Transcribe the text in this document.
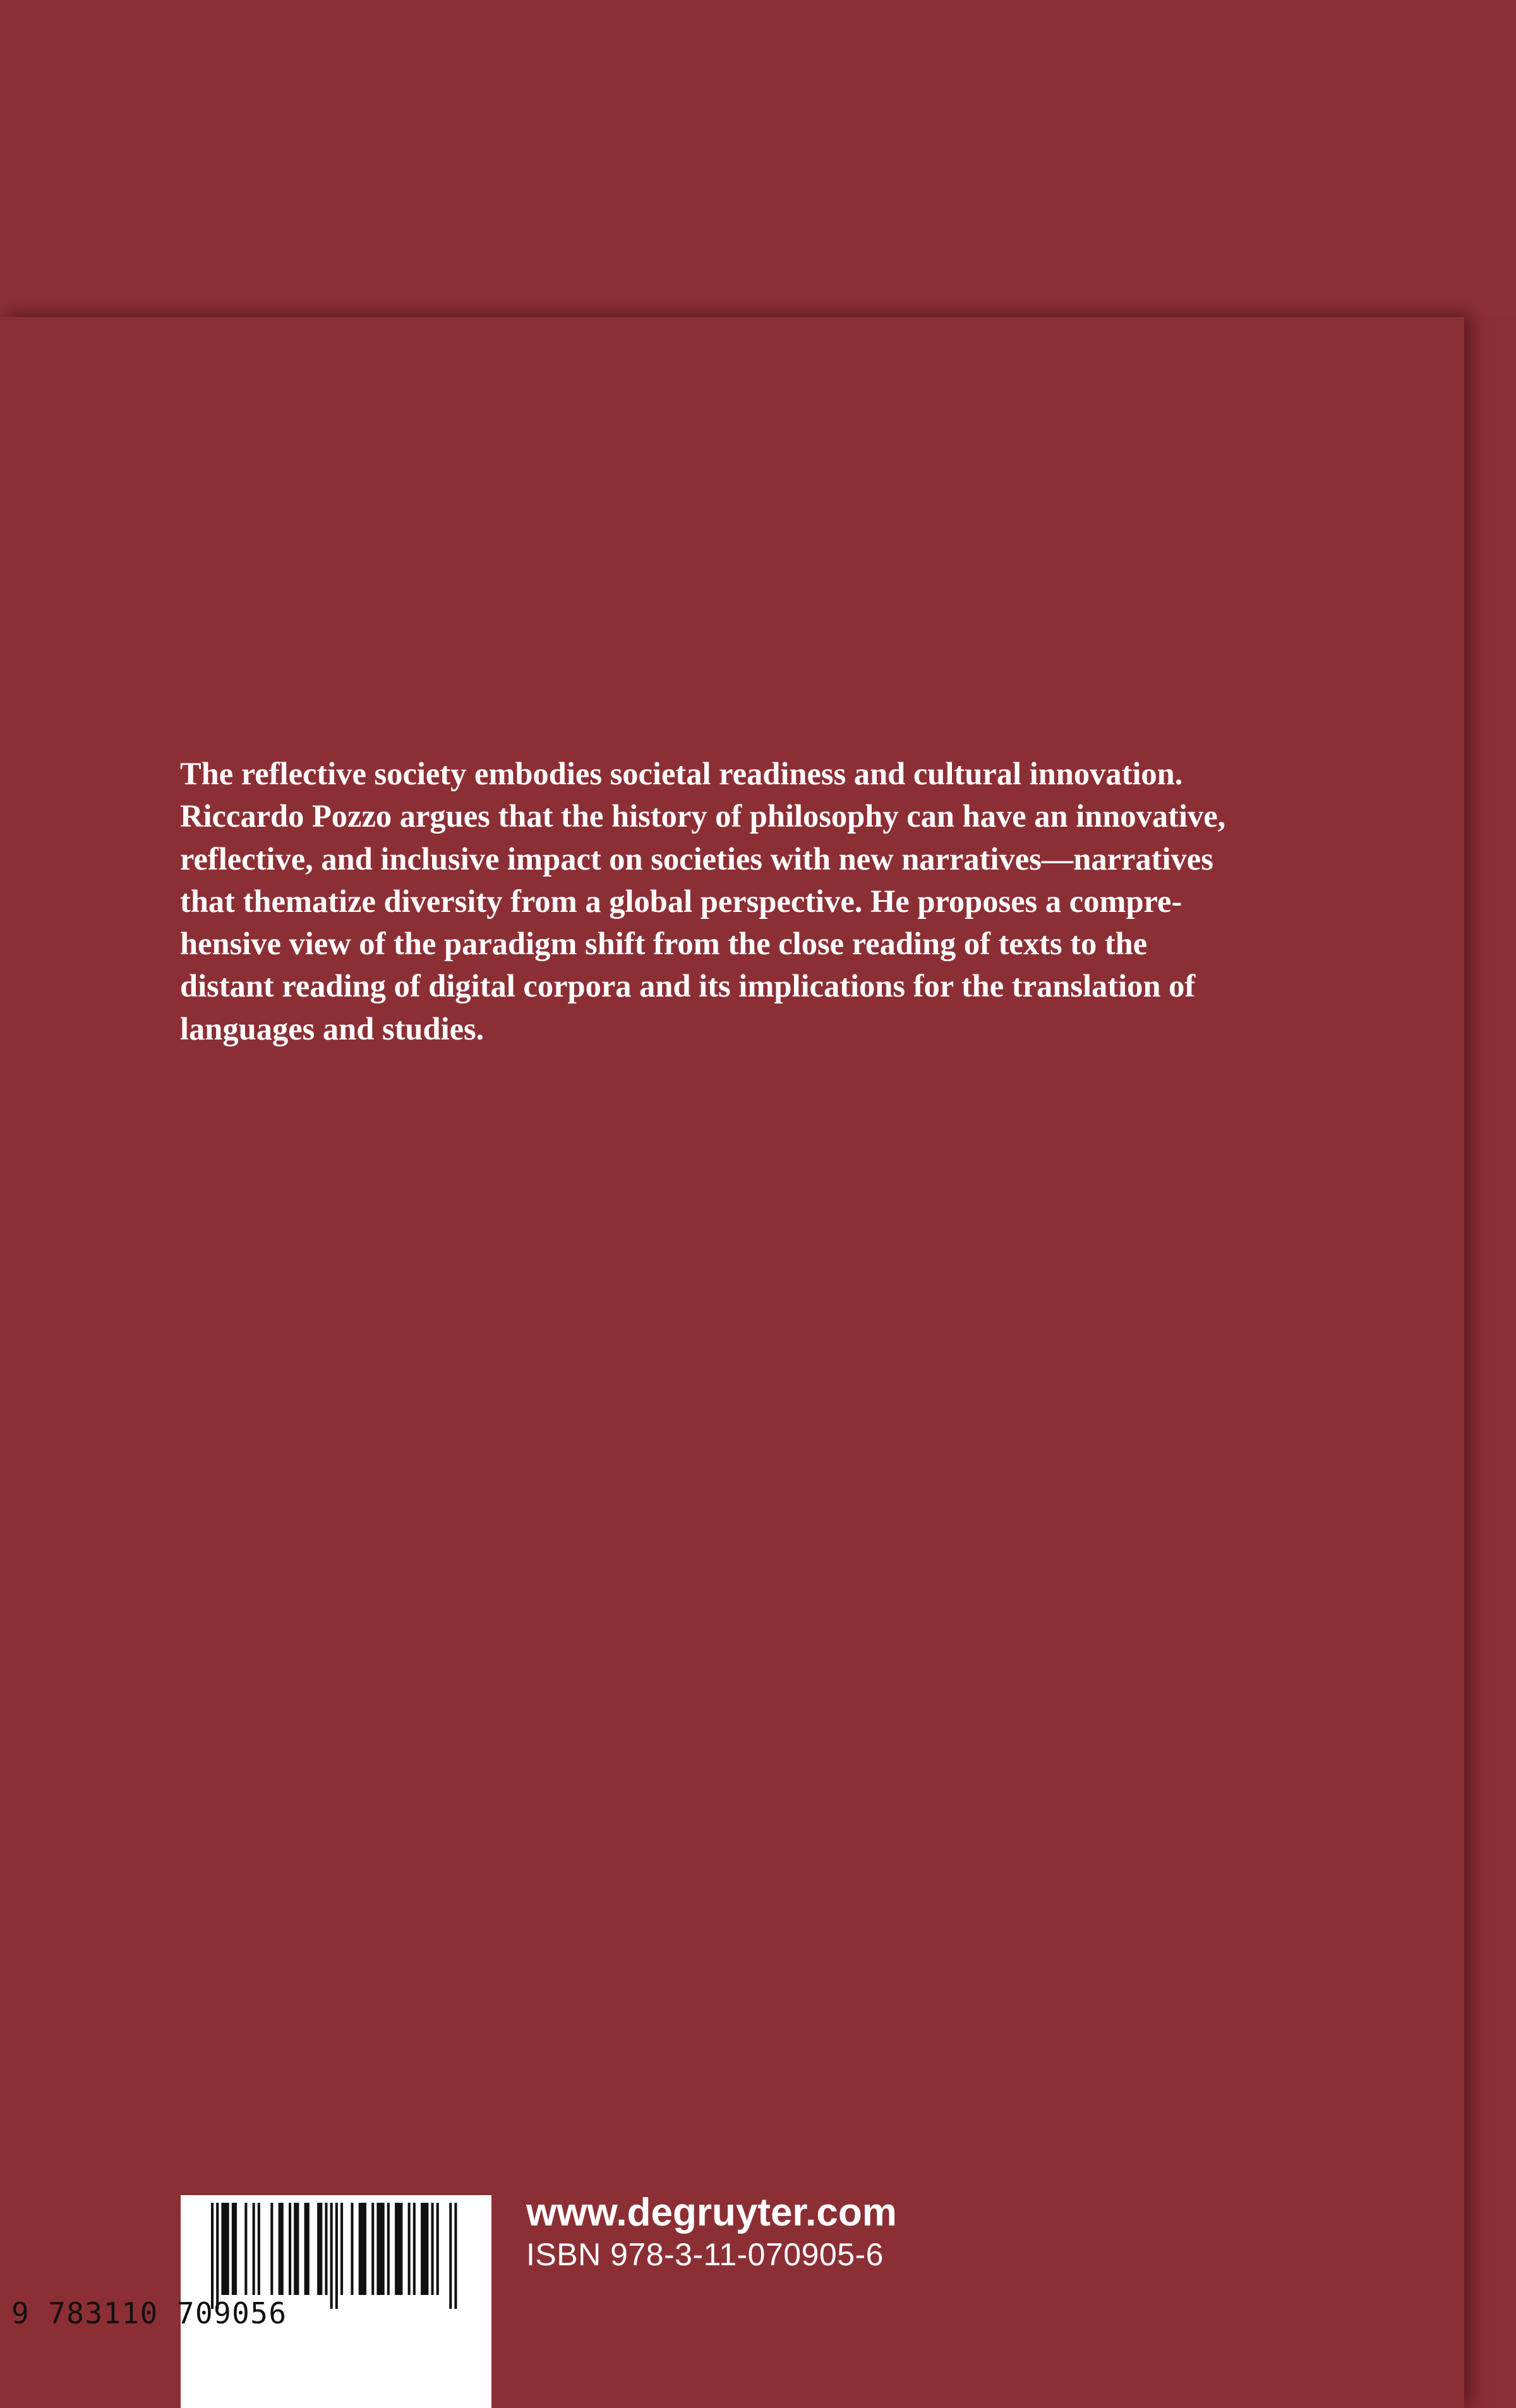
The reflective society embodies societal readiness and cultural innovation.
Riccardo Pozzo argues that the history of philosophy can have an innovative,
reflective, and inclusive impact on societies with new narratives—narratives
that thematize diversity from a global perspective. He proposes a compre-
hensive view of the paradigm shift from the close reading of texts to the
distant reading of digital corpora and its implications for the translation of
languages and studies.

9 783110 709056
www.degruyter.com
ISBN 978-3-11-070905-6
